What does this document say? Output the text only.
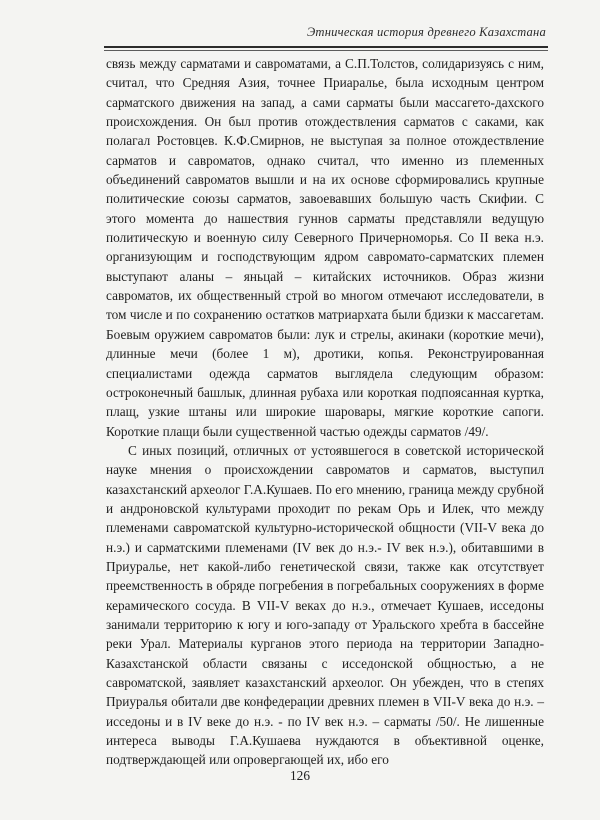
Этническая история древнего Казахстана

связь между сарматами и савроматами, а С.П.Толстов, солидаризуясь с ним, считал, что Средняя Азия, точнее Приаралье, была исходным центром сарматского движения на запад, а сами сарматы были массагето-дахского происхождения. Он был против отождествления сарматов с саками, как полагал Ростовцев. К.Ф.Смирнов, не выступая за полное отождествление сарматов и савроматов, однако считал, что именно из племенных объединений савроматов вышли и на их основе сформировались крупные политические союзы сарматов, завоевавших большую часть Скифии. С этого момента до нашествия гуннов сарматы представляли ведущую политическую и военную силу Северного Причерноморья. Со II века н.э. организующим и господствующим ядром савромато-сарматских племен выступают аланы – яньцай – китайских источников. Образ жизни савроматов, их общественный строй во многом отмечают исследователи, в том числе и по сохранению остатков матриархата были бдизки к массагетам. Боевым оружием савроматов были: лук и стрелы, акинаки (короткие мечи), длинные мечи (более 1 м), дротики, копья. Реконструированная специалистами одежда сарматов выглядела следующим образом: остроконечный башлык, длинная рубаха или короткая подпоясанная куртка, плащ, узкие штаны или широкие шаровары, мягкие короткие сапоги. Короткие плащи были существенной частью одежды сарматов /49/.

С иных позиций, отличных от устоявшегося в советской исторической науке мнения о происхождении савроматов и сарматов, выступил казахстанский археолог Г.А.Кушаев. По его мнению, граница между срубной и андроновской культурами проходит по рекам Орь и Илек, что между племенами савроматской культурно-исторической общности (VII-V века до н.э.) и сарматскими племенами (IV век до н.э.- IV век н.э.), обитавшими в Приуралье, нет какой-либо генетической связи, также как отсутствует преемственность в обряде погребения в погребальных сооружениях в форме керамического сосуда. В VII-V веках до н.э., отмечает Кушаев, исседоны занимали территорию к югу и юго-западу от Уральского хребта в бассейне реки Урал. Материалы курганов этого периода на территории Западно-Казахстанской области связаны с исседонской общностью, а не савроматской, заявляет казахстанский археолог. Он убежден, что в степях Приуралья обитали две конфедерации древних племен в VII-V века до н.э. – исседоны и в IV веке до н.э. - по IV век н.э. – сарматы /50/. Не лишенные интереса выводы Г.А.Кушаева нуждаются в объективной оценке, подтверждающей или опровергающей их, ибо его

126
